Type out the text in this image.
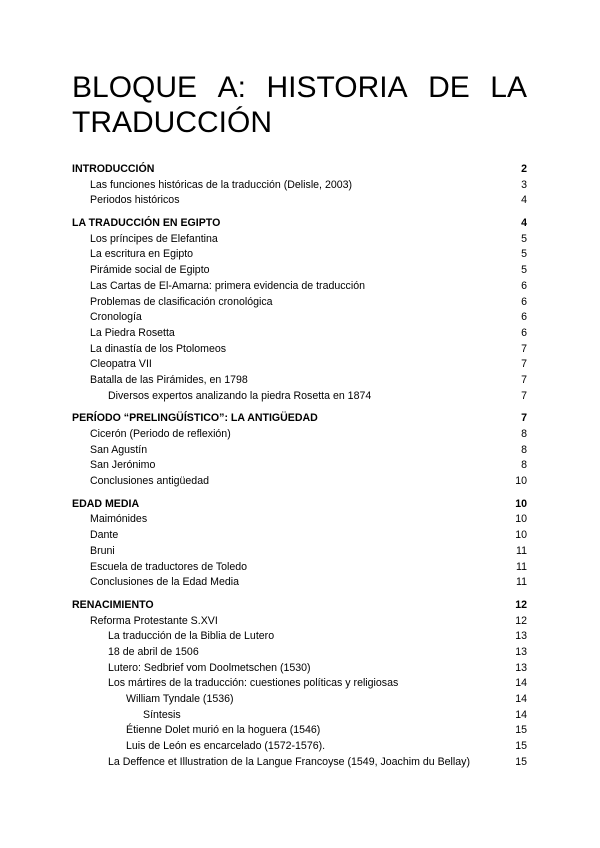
BLOQUE A: HISTORIA DE LA
TRADUCCIÓN
INTRODUCCIÓN	2
Las funciones históricas de la traducción (Delisle, 2003)	3
Periodos históricos	4
LA TRADUCCIÓN EN EGIPTO	4
Los príncipes de Elefantina	5
La escritura en Egipto	5
Pirámide social de Egipto	5
Las Cartas de El-Amarna: primera evidencia de traducción	6
Problemas de clasificación cronológica	6
Cronología	6
La Piedra Rosetta	6
La dinastía de los Ptolomeos	7
Cleopatra VII	7
Batalla de las Pirámides, en 1798	7
Diversos expertos analizando la piedra Rosetta en 1874	7
PERÍODO “PRELINGÜÍSTICO”: LA ANTIGÜEDAD	7
Cicerón (Periodo de reflexión)	8
San Agustín	8
San Jerónimo	8
Conclusiones antigüedad	10
EDAD MEDIA	10
Maimónides	10
Dante	10
Bruni	11
Escuela de traductores de Toledo	11
Conclusiones de la Edad Media	11
RENACIMIENTO	12
Reforma Protestante S.XVI	12
La traducción de la Biblia de Lutero	13
18 de abril de 1506	13
Lutero: Sedbrief vom Doolmetschen (1530)	13
Los mártires de la traducción: cuestiones políticas y religiosas	14
William Tyndale (1536)	14
Síntesis	14
Étienne Dolet murió en la hoguera (1546)	15
Luis de León es encarcelado (1572-1576).	15
La Deffence et Illustration de la Langue Francoyse (1549, Joachim du Bellay)	15
